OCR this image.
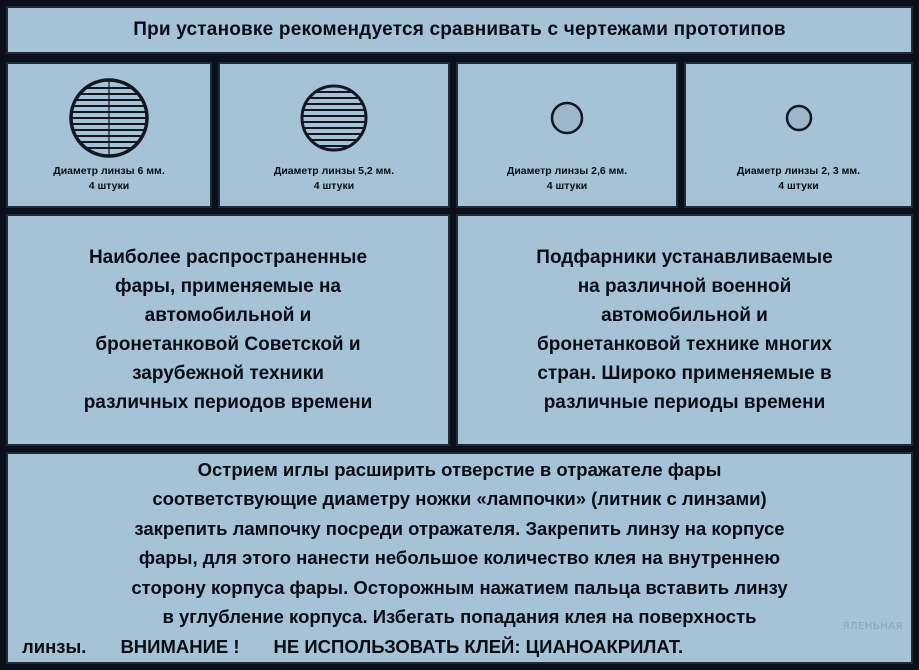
При установке рекомендуется сравнивать с чертежами прототипов
Диаметр линзы 6 мм.
4 штуки
Диаметр линзы 5,2 мм.
4 штуки
Диаметр линзы 2,6 мм.
4 штуки
Диаметр линзы 2, 3 мм.
4 штуки
Наиболее распространенные
фары, применяемые на
автомобильной и
бронетанковой Советской и
зарубежной техники
различных периодов времени
Подфарники устанавливаемые
на различной военной
автомобильной и
бронетанковой технике многих
стран. Широко применяемые в
различные периоды времени
Острием иглы расширить отверстие в отражателе фары
соответствующие диаметру ножки «лампочки» (литник с линзами)
закрепить лампочку посреди отражателя. Закрепить линзу на корпусе
фары, для этого нанести небольшое количество клея на внутреннею
сторону корпуса фары. Осторожным нажатием пальца вставить линзу
в углубление корпуса. Избегать попадания клея на поверхность
линзы. ВНИМАНИЕ ! НЕ ИСПОЛЬЗОВАТЬ КЛЕЙ: ЦИАНОАКРИЛАТ.
ЯЛЕНЬНАЯ
